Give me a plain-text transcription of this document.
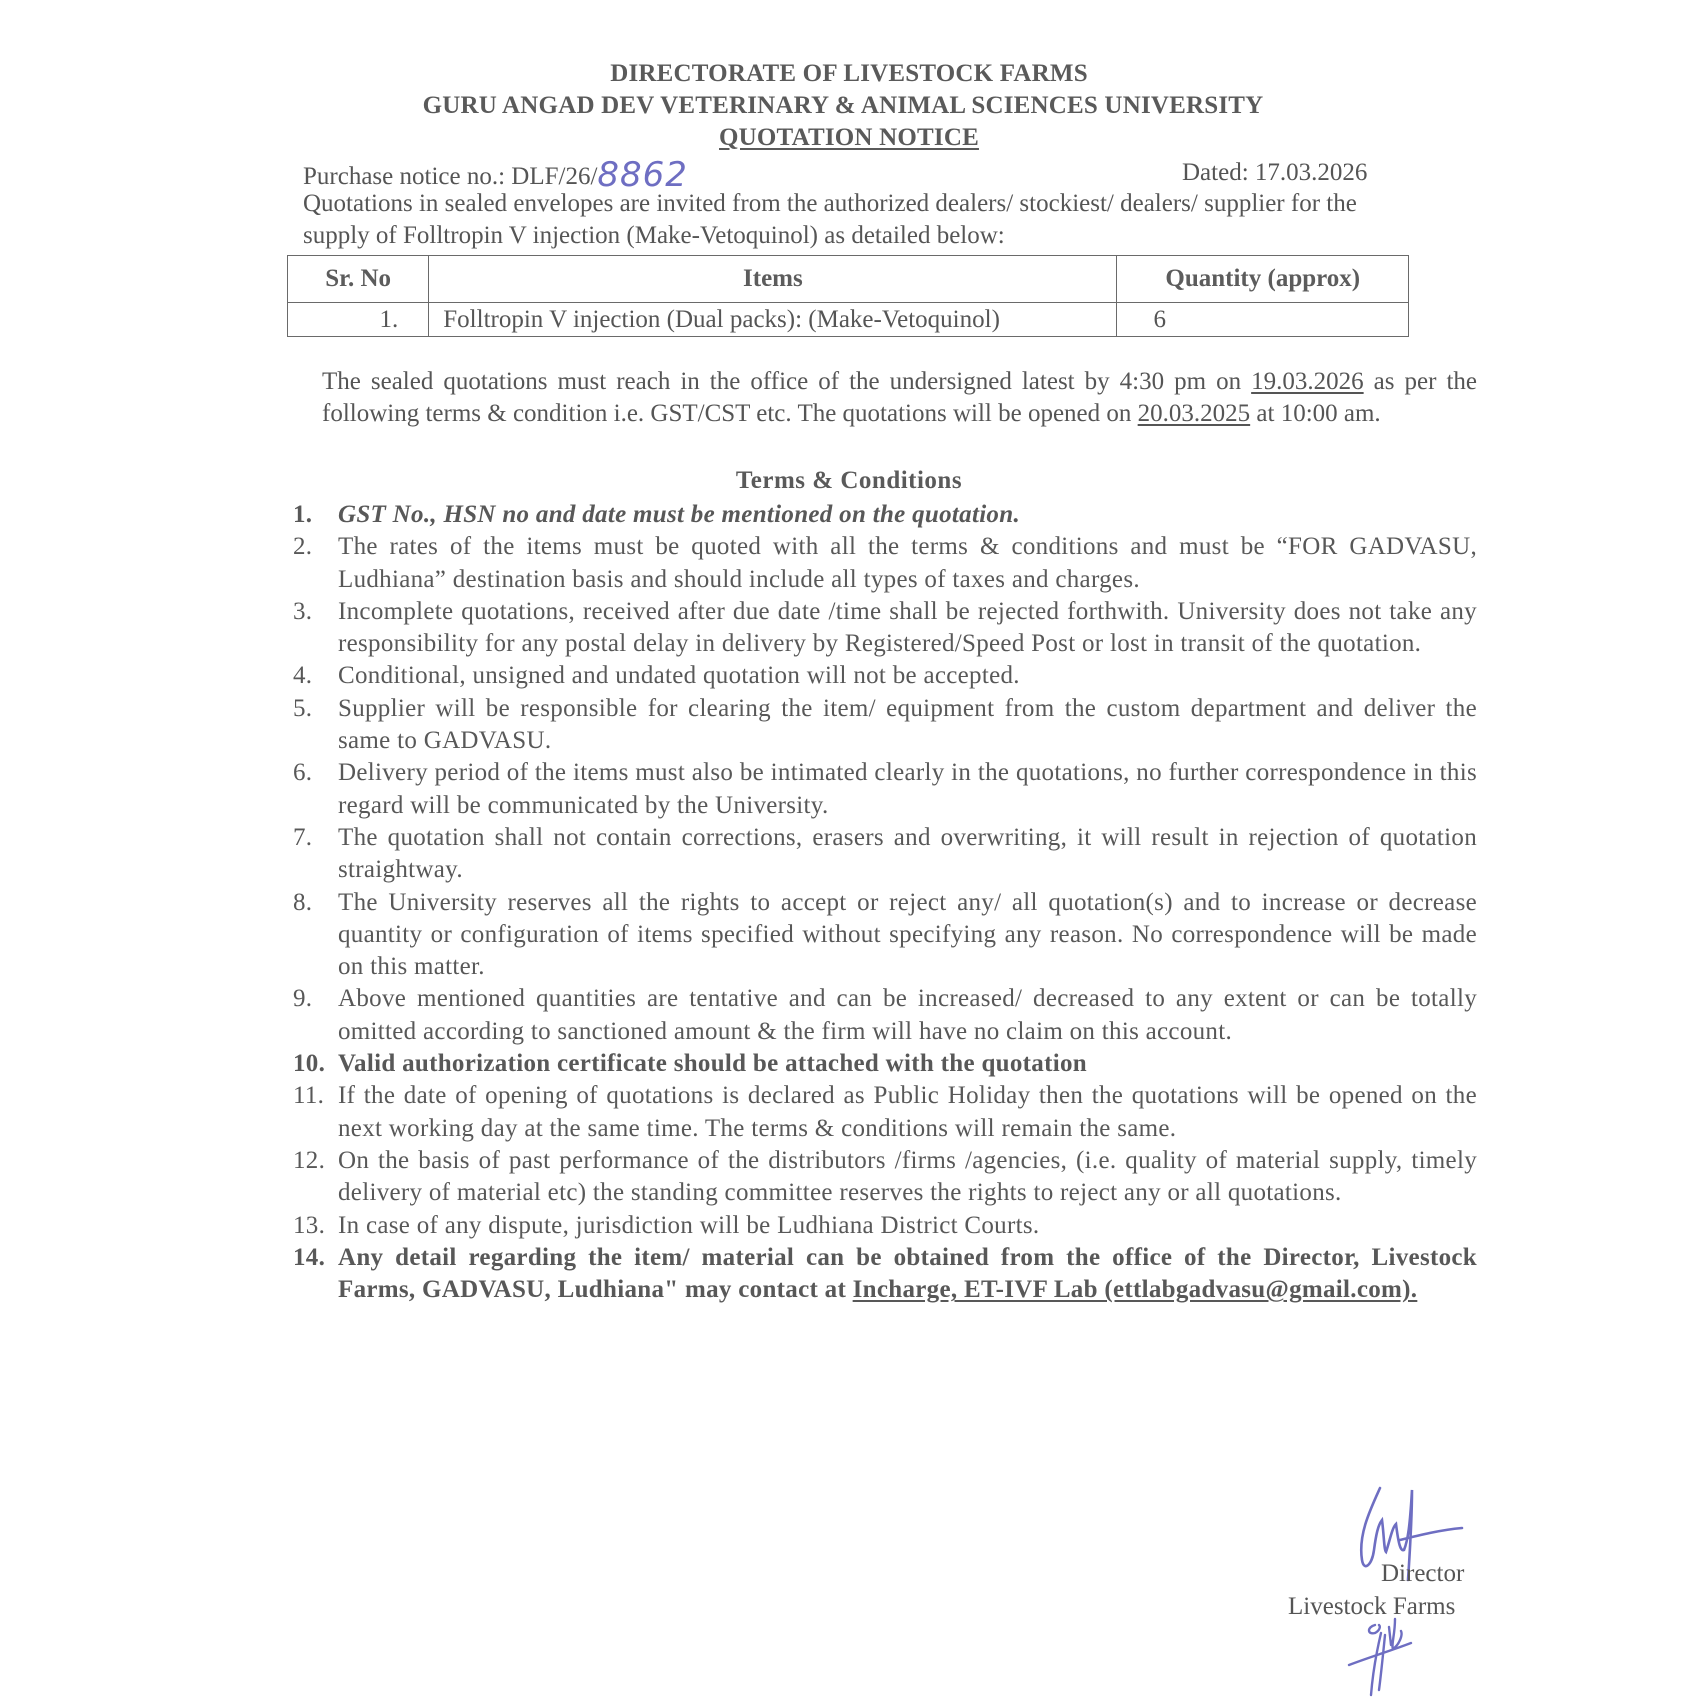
DIRECTORATE OF LIVESTOCK FARMS
GURU ANGAD DEV VETERINARY & ANIMAL SCIENCES UNIVERSITY
QUOTATION NOTICE
Purchase notice no.: DLF/26/8862	Dated: 17.03.2026
Quotations in sealed envelopes are invited from the authorized dealers/ stockiest/ dealers/ supplier for the
supply of Folltropin V injection (Make-Vetoquinol) as detailed below:
Sr. No	Items	Quantity (approx)
1.	Folltropin V injection (Dual packs): (Make-Vetoquinol)	6
The sealed quotations must reach in the office of the undersigned latest by 4:30 pm on 19.03.2026 as per the following terms & condition i.e. GST/CST etc. The quotations will be opened on 20.03.2025 at 10:00 am.
Terms & Conditions
1. GST No., HSN no and date must be mentioned on the quotation.
2. The rates of the items must be quoted with all the terms & conditions and must be “FOR GADVASU, Ludhiana” destination basis and should include all types of taxes and charges.
3. Incomplete quotations, received after due date /time shall be rejected forthwith. University does not take any responsibility for any postal delay in delivery by Registered/Speed Post or lost in transit of the quotation.
4. Conditional, unsigned and undated quotation will not be accepted.
5. Supplier will be responsible for clearing the item/ equipment from the custom department and deliver the same to GADVASU.
6. Delivery period of the items must also be intimated clearly in the quotations, no further correspondence in this regard will be communicated by the University.
7. The quotation shall not contain corrections, erasers and overwriting, it will result in rejection of quotation straightway.
8. The University reserves all the rights to accept or reject any/ all quotation(s) and to increase or decrease quantity or configuration of items specified without specifying any reason. No correspondence will be made on this matter.
9. Above mentioned quantities are tentative and can be increased/ decreased to any extent or can be totally omitted according to sanctioned amount & the firm will have no claim on this account.
10. Valid authorization certificate should be attached with the quotation
11. If the date of opening of quotations is declared as Public Holiday then the quotations will be opened on the next working day at the same time. The terms & conditions will remain the same.
12. On the basis of past performance of the distributors /firms /agencies, (i.e. quality of material supply, timely delivery of material etc) the standing committee reserves the rights to reject any or all quotations.
13. In case of any dispute, jurisdiction will be Ludhiana District Courts.
14. Any detail regarding the item/ material can be obtained from the office of the Director, Livestock Farms, GADVASU, Ludhiana" may contact at Incharge, ET-IVF Lab (ettlabgadvasu@gmail.com).
Director
Livestock Farms
